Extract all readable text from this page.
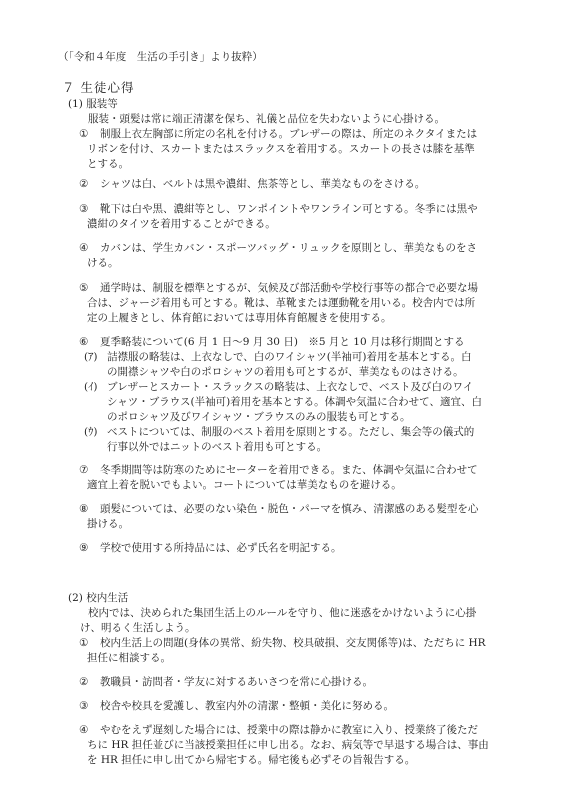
（「令和４年度　生活の手引き」より抜粋）
７ 生徒心得
(1) 服装等
服装・頭髪は常に端正清潔を保ち、礼儀と品位を失わないように心掛ける。
① 制服上衣左胸部に所定の名札を付ける。ブレザーの際は、所定のネクタイまたは
リボンを付け、スカートまたはスラックスを着用する。スカートの長さは膝を基準
とする。
② シャツは白、ベルトは黒や濃紺、焦茶等とし、華美なものをさける。
③ 靴下は白や黒、濃紺等とし、ワンポイントやワンライン可とする。冬季には黒や
濃紺のタイツを着用することができる。
④ カバンは、学生カバン・スポーツバッグ・リュックを原則とし、華美なものをさ
ける。
⑤ 通学時は、制服を標準とするが、気候及び部活動や学校行事等の都合で必要な場
合は、ジャージ着用も可とする。靴は、革靴または運動靴を用いる。校舎内では所
定の上履きとし、体育館においては専用体育館履きを使用する。
⑥ 夏季略装について(6 月 1 日〜9 月 30 日)　※5 月と 10 月は移行期間とする
(ｱ) 詰襟服の略装は、上衣なしで、白のワイシャツ(半袖可)着用を基本とする。白
の開襟シャツや白のポロシャツの着用も可とするが、華美なものはさける。
(ｲ) ブレザーとスカート・スラックスの略装は、上衣なしで、ベスト及び白のワイ
シャツ・ブラウス(半袖可)着用を基本とする。体調や気温に合わせて、適宜、白
のポロシャツ及びワイシャツ・ブラウスのみの服装も可とする。
(ｳ) ベストについては、制服のベスト着用を原則とする。ただし、集会等の儀式的
行事以外ではニットのベスト着用も可とする。
⑦ 冬季期間等は防寒のためにセーターを着用できる。また、体調や気温に合わせて
適宜上着を脱いでもよい。コートについては華美なものを避ける。
⑧ 頭髪については、必要のない染色・脱色・パーマを慎み、清潔感のある髪型を心
掛ける。
⑨ 学校で使用する所持品には、必ず氏名を明記する。
(2) 校内生活
校内では、決められた集団生活上のルールを守り、他に迷惑をかけないように心掛
け、明るく生活しよう。
① 校内生活上の問題(身体の異常、紛失物、校具破損、交友関係等)は、ただちに HR
担任に相談する。
② 教職員・訪問者・学友に対するあいさつを常に心掛ける。
③ 校舎や校具を愛護し、教室内外の清潔・整頓・美化に努める。
④ やむをえず遅刻した場合には、授業中の際は静かに教室に入り、授業終了後ただ
ちに HR 担任並びに当該授業担任に申し出る。なお、病気等で早退する場合は、事由
を HR 担任に申し出てから帰宅する。帰宅後も必ずその旨報告する。
